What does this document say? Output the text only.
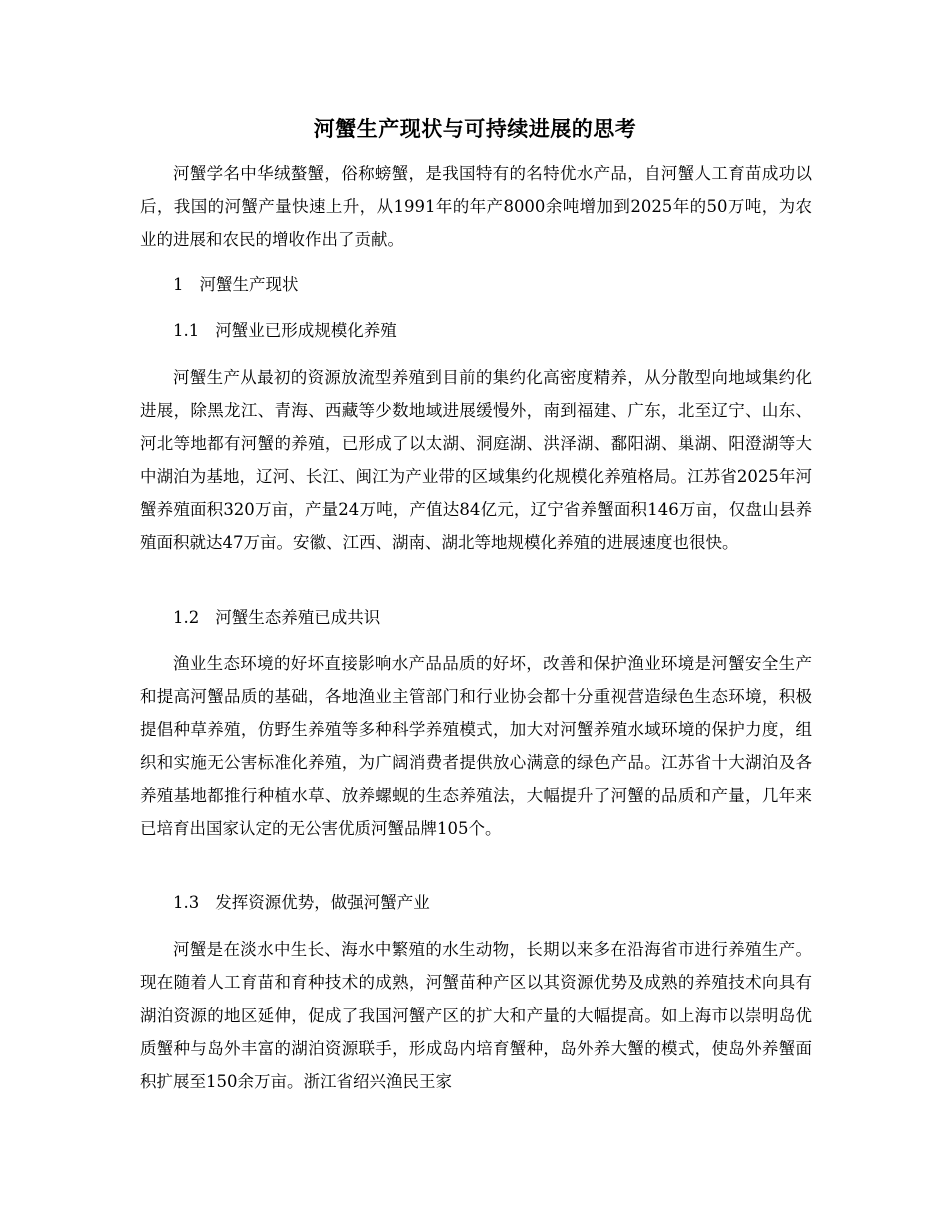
河蟹生产现状与可持续进展的思考

河蟹学名中华绒螯蟹，俗称螃蟹，是我国特有的名特优水产品，自河蟹人工育苗成功以后，我国的河蟹产量快速上升，从1991年的年产8000余吨增加到2025年的50万吨，为农业的进展和农民的增收作出了贡献。

1 河蟹生产现状

1.1 河蟹业已形成规模化养殖

河蟹生产从最初的资源放流型养殖到目前的集约化高密度精养，从分散型向地域集约化进展，除黑龙江、青海、西藏等少数地域进展缓慢外，南到福建、广东，北至辽宁、山东、河北等地都有河蟹的养殖，已形成了以太湖、洞庭湖、洪泽湖、鄱阳湖、巢湖、阳澄湖等大中湖泊为基地，辽河、长江、闽江为产业带的区域集约化规模化养殖格局。江苏省2025年河蟹养殖面积320万亩，产量24万吨，产值达84亿元，辽宁省养蟹面积146万亩，仅盘山县养殖面积就达47万亩。安徽、江西、湖南、湖北等地规模化养殖的进展速度也很快。

1.2 河蟹生态养殖已成共识

渔业生态环境的好坏直接影响水产品品质的好坏，改善和保护渔业环境是河蟹安全生产和提高河蟹品质的基础，各地渔业主管部门和行业协会都十分重视营造绿色生态环境，积极提倡种草养殖，仿野生养殖等多种科学养殖模式，加大对河蟹养殖水域环境的保护力度，组织和实施无公害标准化养殖，为广阔消费者提供放心满意的绿色产品。江苏省十大湖泊及各养殖基地都推行种植水草、放养螺蚬的生态养殖法，大幅提升了河蟹的品质和产量，几年来已培育出国家认定的无公害优质河蟹品牌105个。

1.3 发挥资源优势，做强河蟹产业

河蟹是在淡水中生长、海水中繁殖的水生动物，长期以来多在沿海省市进行养殖生产。现在随着人工育苗和育种技术的成熟，河蟹苗种产区以其资源优势及成熟的养殖技术向具有湖泊资源的地区延伸，促成了我国河蟹产区的扩大和产量的大幅提高。如上海市以崇明岛优质蟹种与岛外丰富的湖泊资源联手，形成岛内培育蟹种，岛外养大蟹的模式，使岛外养蟹面积扩展至150余万亩。浙江省绍兴渔民王家
